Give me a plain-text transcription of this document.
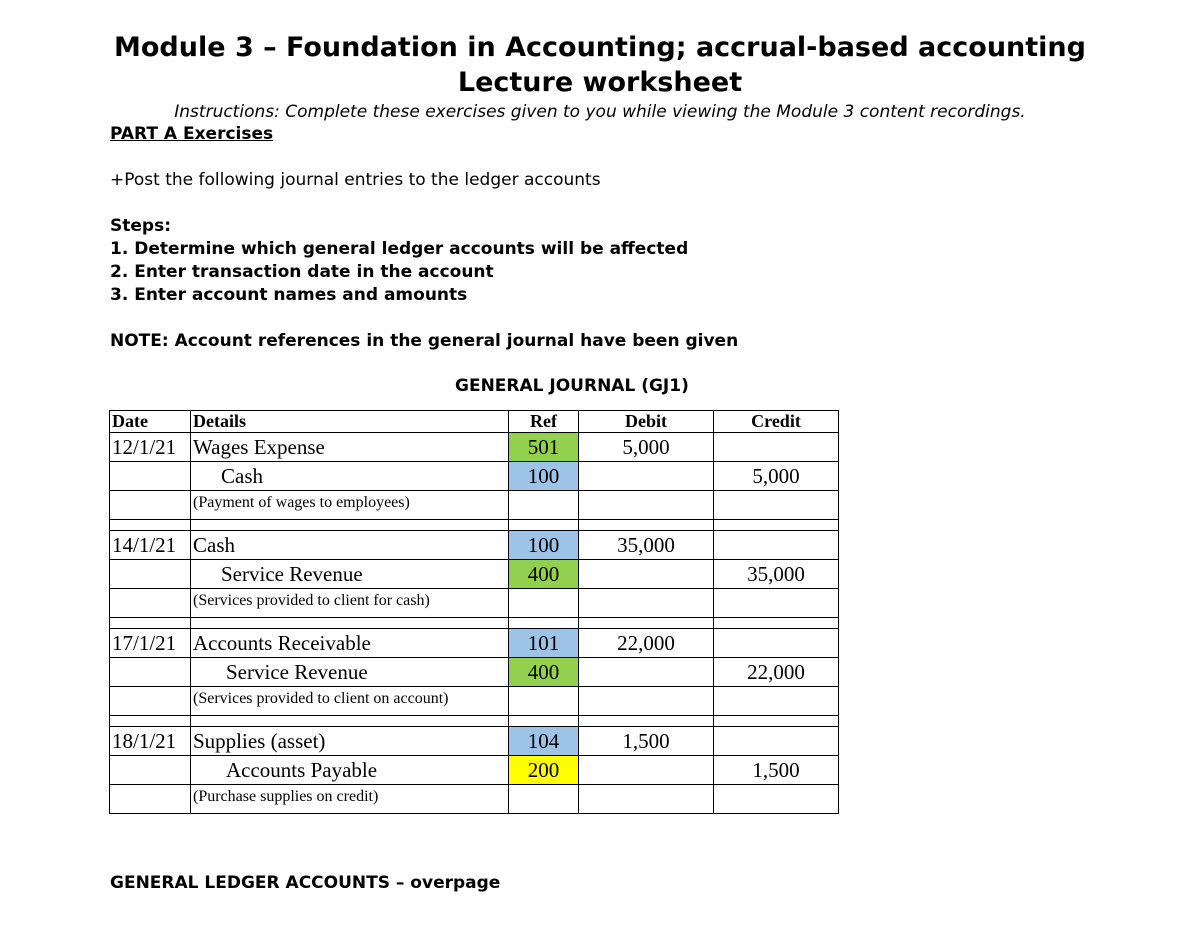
Module 3 – Foundation in Accounting; accrual-based accounting
Lecture worksheet
Instructions: Complete these exercises given to you while viewing the Module 3 content recordings.
PART A Exercises
+Post the following journal entries to the ledger accounts
Steps:
1. Determine which general ledger accounts will be affected
2. Enter transaction date in the account
3. Enter account names and amounts
NOTE: Account references in the general journal have been given
GENERAL JOURNAL (GJ1)
Date	Details	Ref	Debit	Credit
12/1/21	Wages Expense	501	5,000	
	Cash	100		5,000
	(Payment of wages to employees)			

14/1/21	Cash	100	35,000	
	Service Revenue	400		35,000
	(Services provided to client for cash)			

17/1/21	Accounts Receivable	101	22,000	
	Service Revenue	400		22,000
	(Services provided to client on account)			

18/1/21	Supplies (asset)	104	1,500	
	Accounts Payable	200		1,500
	(Purchase supplies on credit)			
GENERAL LEDGER ACCOUNTS – overpage
